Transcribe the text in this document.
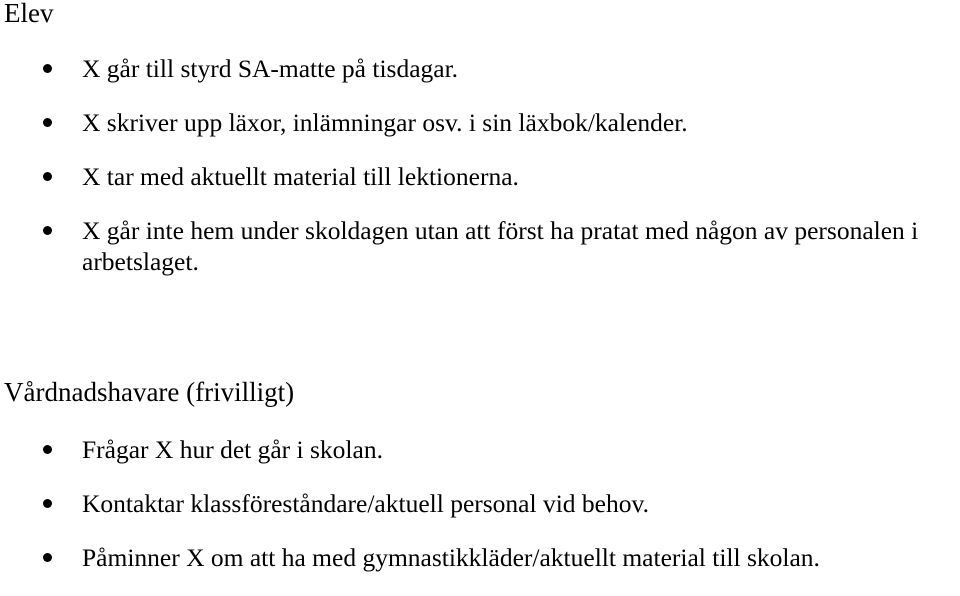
Elev
X går till styrd SA-matte på tisdagar.
X skriver upp läxor, inlämningar osv. i sin läxbok/kalender.
X tar med aktuellt material till lektionerna.
X går inte hem under skoldagen utan att först ha pratat med någon av personalen i arbetslaget.
Vårdnadshavare (frivilligt)
Frågar X hur det går i skolan.
Kontaktar klassföreståndare/aktuell personal vid behov.
Påminner X om att ha med gymnastikkläder/aktuellt material till skolan.
